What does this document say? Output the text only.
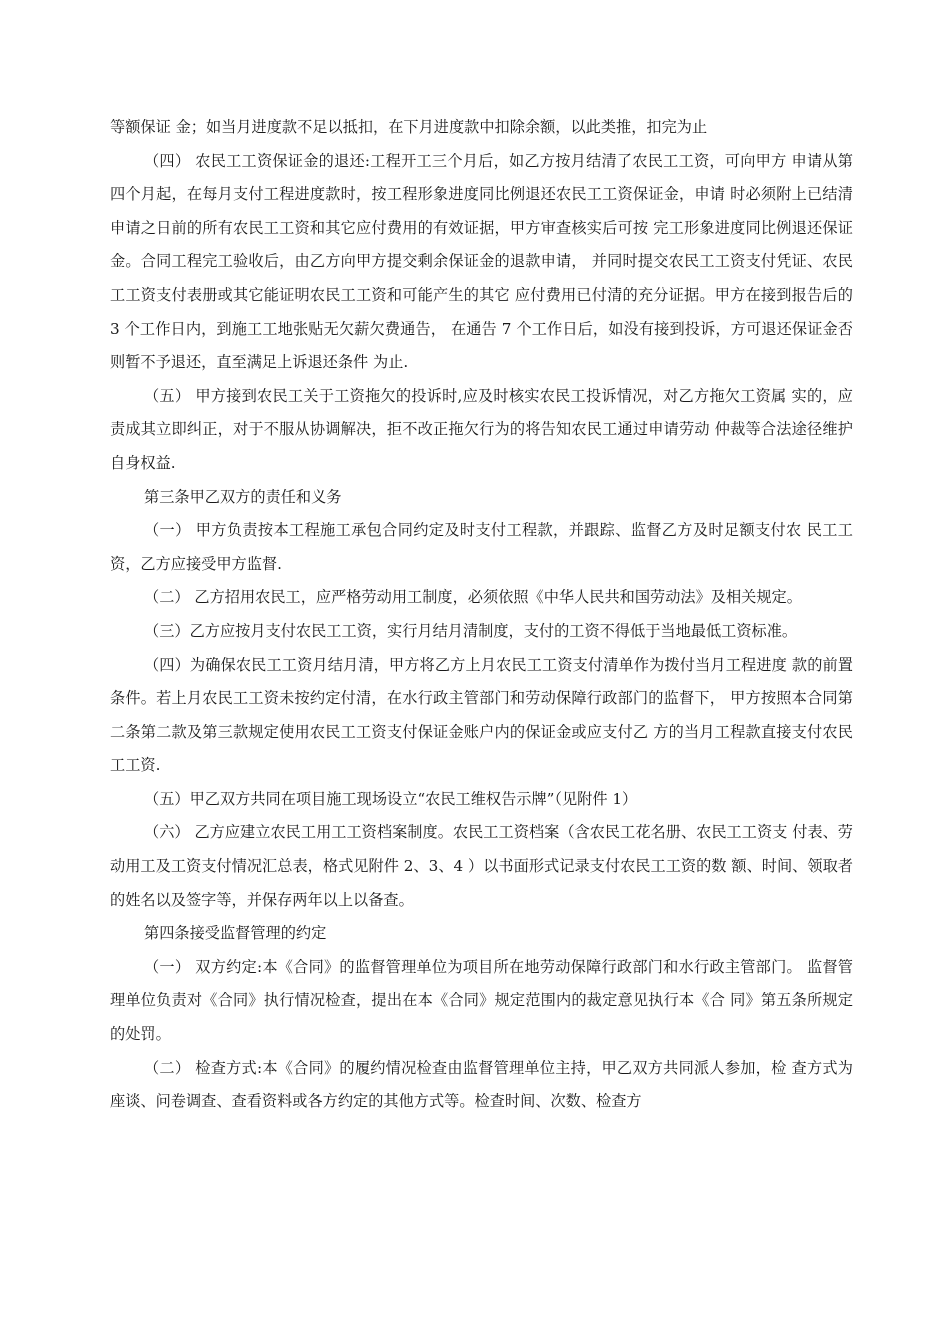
等额保证 金；如当月进度款不足以抵扣，在下月进度款中扣除余额，以此类推，扣完为止

（四） 农民工工资保证金的退还:工程开工三个月后，如乙方按月结清了农民工工资，可向甲方 申请从第四个月起，在每月支付工程进度款时，按工程形象进度同比例退还农民工工资保证金，申请 时必须附上已结清申请之日前的所有农民工工资和其它应付费用的有效证据，甲方审查核实后可按 完工形象进度同比例退还保证金。合同工程完工验收后，由乙方向甲方提交剩余保证金的退款申请， 并同时提交农民工工资支付凭证、农民工工资支付表册或其它能证明农民工工资和可能产生的其它 应付费用已付清的充分证据。甲方在接到报告后的 3 个工作日内，到施工工地张贴无欠薪欠费通告， 在通告 7 个工作日后，如没有接到投诉，方可退还保证金否则暂不予退还，直至满足上诉退还条件 为止.

（五） 甲方接到农民工关于工资拖欠的投诉时,应及时核实农民工投诉情况，对乙方拖欠工资属 实的，应责成其立即纠正，对于不服从协调解决，拒不改正拖欠行为的将告知农民工通过申请劳动 仲裁等合法途径维护自身权益.

第三条甲乙双方的责任和义务

（一） 甲方负责按本工程施工承包合同约定及时支付工程款，并跟踪、监督乙方及时足额支付农 民工工资，乙方应接受甲方监督.

（二） 乙方招用农民工，应严格劳动用工制度，必须依照《中华人民共和国劳动法》及相关规定。

（三）乙方应按月支付农民工工资，实行月结月清制度，支付的工资不得低于当地最低工资标准。

（四）为确保农民工工资月结月清，甲方将乙方上月农民工工资支付清单作为拨付当月工程进度 款的前置条件。若上月农民工工资未按约定付清，在水行政主管部门和劳动保障行政部门的监督下， 甲方按照本合同第二条第二款及第三款规定使用农民工工资支付保证金账户内的保证金或应支付乙 方的当月工程款直接支付农民工工资.

（五）甲乙双方共同在项目施工现场设立“农民工维权告示牌”（见附件 1）

（六） 乙方应建立农民工用工工资档案制度。农民工工资档案（含农民工花名册、农民工工资支 付表、劳动用工及工资支付情况汇总表，格式见附件 2、3、4 ）以书面形式记录支付农民工工资的数 额、时间、领取者的姓名以及签字等，并保存两年以上以备查。

第四条接受监督管理的约定

（一） 双方约定:本《合同》的监督管理单位为项目所在地劳动保障行政部门和水行政主管部门。 监督管理单位负责对《合同》执行情况检查，提出在本《合同》规定范围内的裁定意见执行本《合 同》第五条所规定的处罚。

（二） 检查方式:本《合同》的履约情况检查由监督管理单位主持，甲乙双方共同派人参加，检 查方式为座谈、问卷调查、查看资料或各方约定的其他方式等。检查时间、次数、检查方
